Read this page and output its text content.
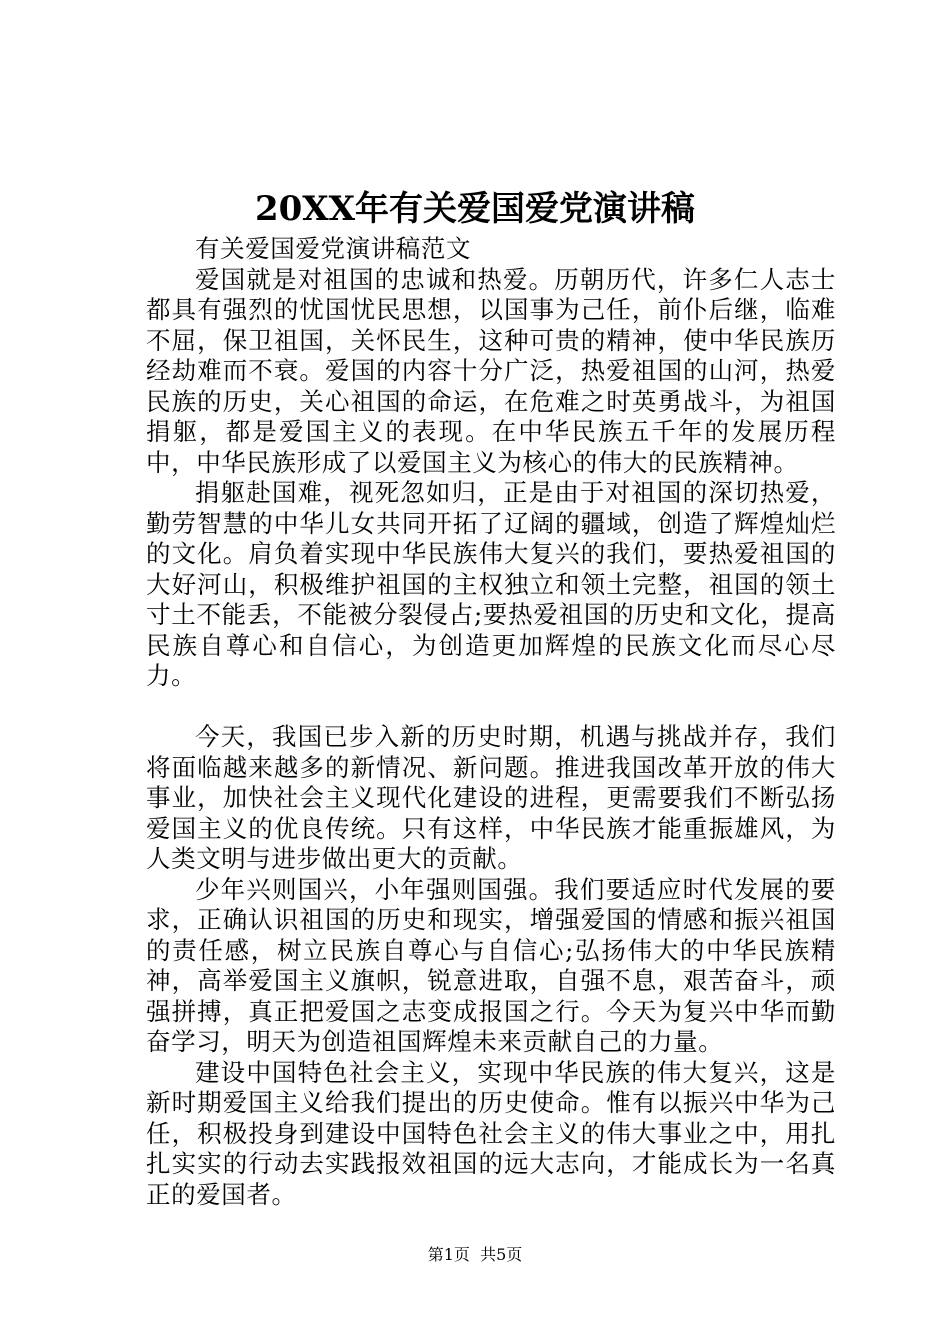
20XX年有关爱国爱党演讲稿

有关爱国爱党演讲稿范文

爱国就是对祖国的忠诚和热爱。历朝历代，许多仁人志士都具有强烈的忧国忧民思想，以国事为己任，前仆后继，临难不屈，保卫祖国，关怀民生，这种可贵的精神，使中华民族历经劫难而不衰。爱国的内容十分广泛，热爱祖国的山河，热爱民族的历史，关心祖国的命运，在危难之时英勇战斗，为祖国捐躯，都是爱国主义的表现。在中华民族五千年的发展历程中，中华民族形成了以爱国主义为核心的伟大的民族精神。

捐躯赴国难，视死忽如归，正是由于对祖国的深切热爱，勤劳智慧的中华儿女共同开拓了辽阔的疆域，创造了辉煌灿烂的文化。肩负着实现中华民族伟大复兴的我们，要热爱祖国的大好河山，积极维护祖国的主权独立和领土完整，祖国的领土寸土不能丢，不能被分裂侵占;要热爱祖国的历史和文化，提高民族自尊心和自信心，为创造更加辉煌的民族文化而尽心尽力。

今天，我国已步入新的历史时期，机遇与挑战并存，我们将面临越来越多的新情况、新问题。推进我国改革开放的伟大事业，加快社会主义现代化建设的进程，更需要我们不断弘扬爱国主义的优良传统。只有这样，中华民族才能重振雄风，为人类文明与进步做出更大的贡献。

少年兴则国兴，小年强则国强。我们要适应时代发展的要求，正确认识祖国的历史和现实，增强爱国的情感和振兴祖国的责任感，树立民族自尊心与自信心;弘扬伟大的中华民族精神，高举爱国主义旗帜，锐意进取，自强不息，艰苦奋斗，顽强拼搏，真正把爱国之志变成报国之行。今天为复兴中华而勤奋学习，明天为创造祖国辉煌未来贡献自己的力量。

建设中国特色社会主义，实现中华民族的伟大复兴，这是新时期爱国主义给我们提出的历史使命。惟有以振兴中华为己任，积极投身到建设中国特色社会主义的伟大事业之中，用扎扎实实的行动去实践报效祖国的远大志向，才能成长为一名真正的爱国者。

第1页 共5页
